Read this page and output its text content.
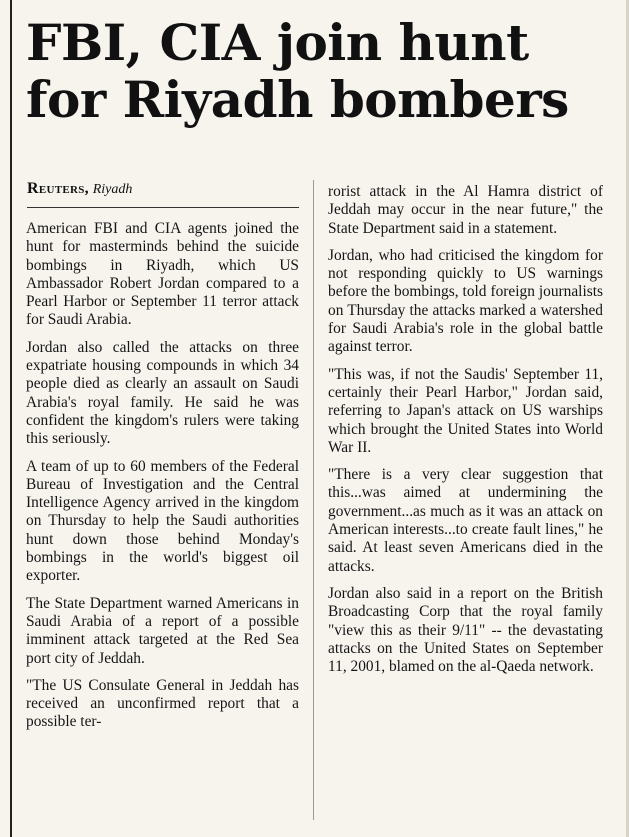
FBI, CIA join hunt
for Riyadh bombers
Reuters, Riyadh

American FBI and CIA agents joined the hunt for masterminds behind the suicide bombings in Riyadh, which US Ambassador Robert Jordan compared to a Pearl Harbor or September 11 terror attack for Saudi Arabia.

Jordan also called the attacks on three expatriate housing compounds in which 34 people died as clearly an assault on Saudi Arabia's royal family. He said he was confident the kingdom's rulers were taking this seriously.

A team of up to 60 members of the Federal Bureau of Investigation and the Central Intelligence Agency arrived in the kingdom on Thursday to help the Saudi authorities hunt down those behind Monday's bombings in the world's biggest oil exporter.

The State Department warned Americans in Saudi Arabia of a report of a possible imminent attack targeted at the Red Sea port city of Jeddah.

"The US Consulate General in Jeddah has received an unconfirmed report that a possible ter-

rorist attack in the Al Hamra district of Jeddah may occur in the near future," the State Department said in a statement.

Jordan, who had criticised the kingdom for not responding quickly to US warnings before the bombings, told foreign journalists on Thursday the attacks marked a watershed for Saudi Arabia's role in the global battle against terror.

"This was, if not the Saudis' September 11, certainly their Pearl Harbor," Jordan said, referring to Japan's attack on US warships which brought the United States into World War II.

"There is a very clear suggestion that this...was aimed at undermining the government...as much as it was an attack on American interests...to create fault lines," he said. At least seven Americans died in the attacks.

Jordan also said in a report on the British Broadcasting Corp that the royal family "view this as their 9/11" -- the devastating attacks on the United States on September 11, 2001, blamed on the al-Qaeda network.
